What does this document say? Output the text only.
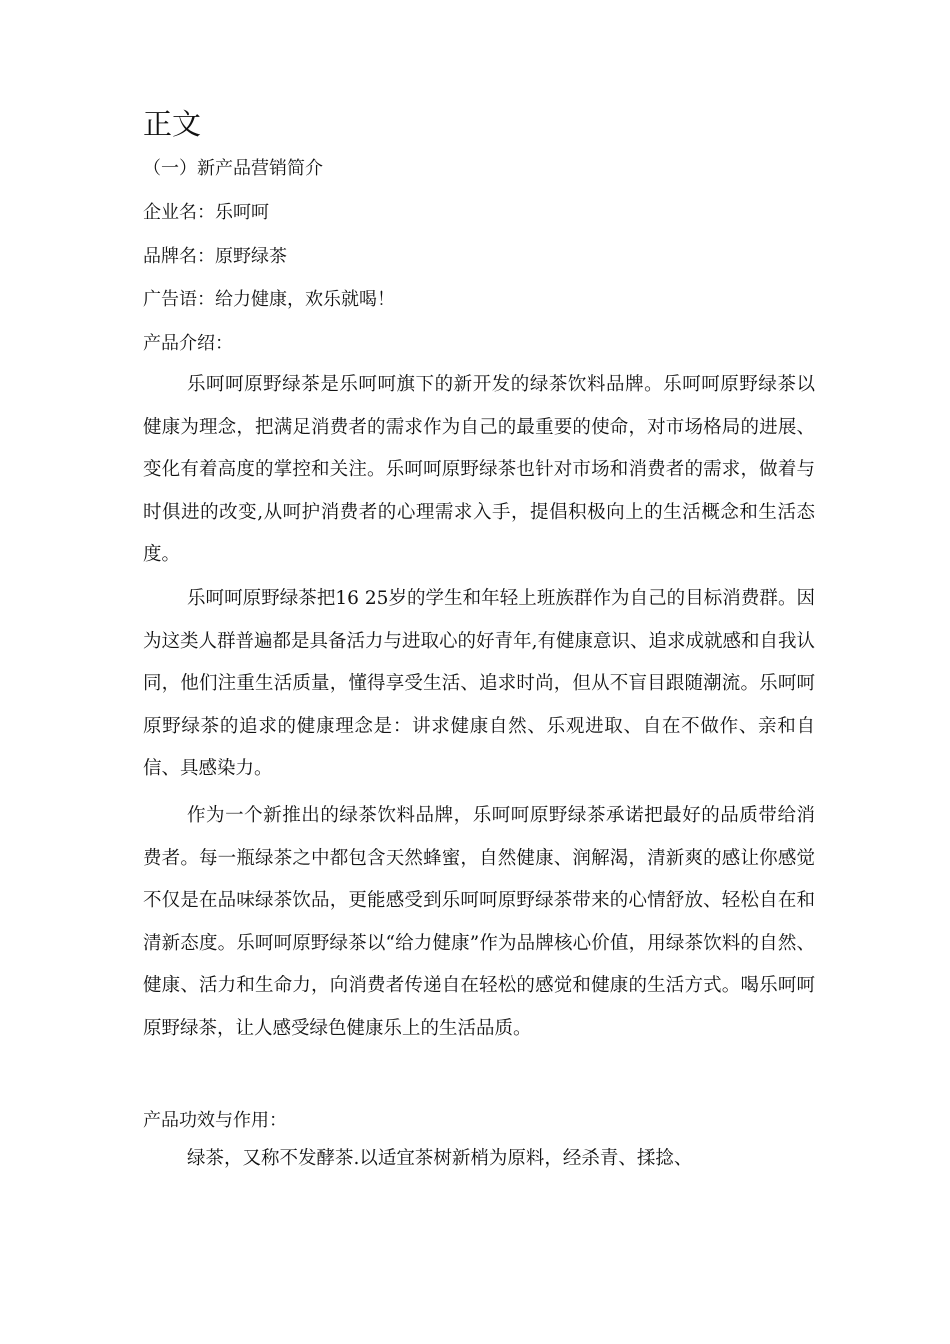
正文

（一）新产品营销简介

企业名：乐呵呵

品牌名：原野绿茶

广告语：给力健康，欢乐就喝！

产品介绍：

乐呵呵原野绿茶是乐呵呵旗下的新开发的绿茶饮料品牌。乐呵呵原野绿茶以健康为理念，把满足消费者的需求作为自己的最重要的使命，对市场格局的进展、变化有着高度的掌控和关注。乐呵呵原野绿茶也针对市场和消费者的需求，做着与时俱进的改变,从呵护消费者的心理需求入手，提倡积极向上的生活概念和生活态度。

乐呵呵原野绿茶把16 25岁的学生和年轻上班族群作为自己的目标消费群。因为这类人群普遍都是具备活力与进取心的好青年,有健康意识、追求成就感和自我认同，他们注重生活质量，懂得享受生活、追求时尚，但从不盲目跟随潮流。乐呵呵原野绿茶的追求的健康理念是：讲求健康自然、乐观进取、自在不做作、亲和自信、具感染力。

作为一个新推出的绿茶饮料品牌，乐呵呵原野绿茶承诺把最好的品质带给消费者。每一瓶绿茶之中都包含天然蜂蜜，自然健康、润解渴，清新爽的感让你感觉不仅是在品味绿茶饮品，更能感受到乐呵呵原野绿茶带来的心情舒放、轻松自在和清新态度。乐呵呵原野绿茶以“给力健康”作为品牌核心价值，用绿茶饮料的自然、健康、活力和生命力，向消费者传递自在轻松的感觉和健康的生活方式。喝乐呵呵原野绿茶，让人感受绿色健康乐上的生活品质。

产品功效与作用：

绿茶，又称不发酵茶.以适宜茶树新梢为原料，经杀青、揉捻、
